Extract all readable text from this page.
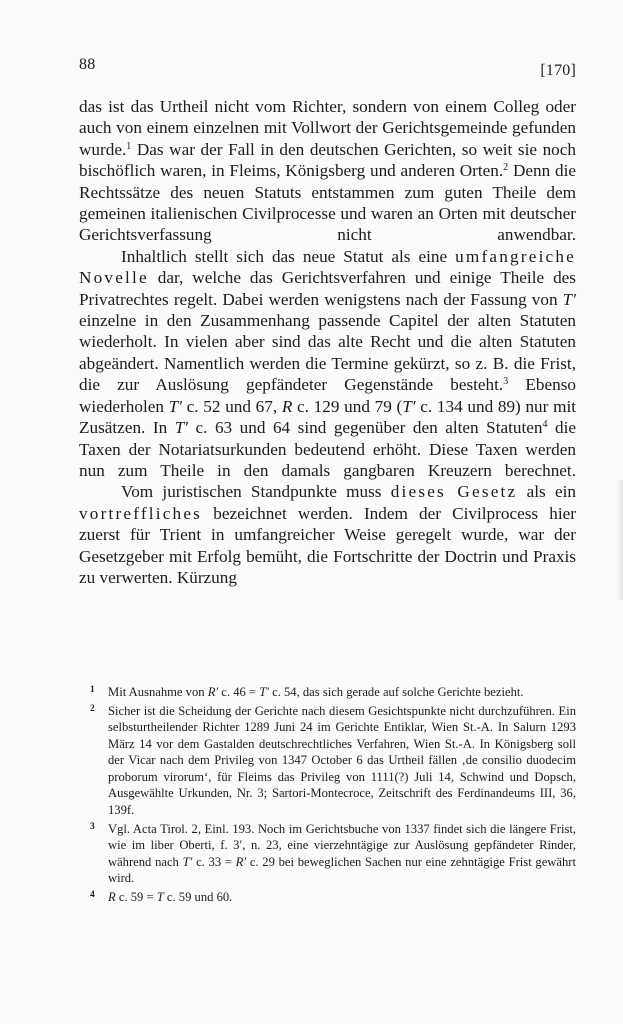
88	[170]

das ist das Urtheil nicht vom Richter, sondern von einem Colleg oder auch von einem einzelnen mit Vollwort der Gerichtsgemeinde gefunden wurde.$^1$ Das war der Fall in den deutschen Gerichten, so weit sie noch bischöflich waren, in Fleims, Königsberg und anderen Orten.$^2$ Denn die Rechtssätze des neuen Statuts entstammen zum guten Theile dem gemeinen italienischen Civilprocesse und waren an Orten mit deutscher Gerichtsverfassung nicht anwendbar.

Inhaltlich stellt sich das neue Statut als eine umfangreiche Novelle dar, welche das Gerichtsverfahren und einige Theile des Privatrechtes regelt. Dabei werden wenigstens nach der Fassung von T′ einzelne in den Zusammenhang passende Capitel der alten Statuten wiederholt. In vielen aber sind das alte Recht und die alten Statuten abgeändert. Namentlich werden die Termine gekürzt, so z. B. die Frist, die zur Auslösung gepfändeter Gegenstände besteht.$^3$ Ebenso wiederholen T′ c. 52 und 67, R c. 129 und 79 (T′ c. 134 und 89) nur mit Zusätzen. In T′ c. 63 und 64 sind gegenüber den alten Statuten$^4$ die Taxen der Notariatsurkunden bedeutend erhöht. Diese Taxen werden nun zum Theile in den damals gangbaren Kreuzern berechnet.

Vom juristischen Standpunkte muss dieses Gesetz als ein vortreffliches bezeichnet werden. Indem der Civilprocess hier zuerst für Trient in umfangreicher Weise geregelt wurde, war der Gesetzgeber mit Erfolg bemüht, die Fortschritte der Doctrin und Praxis zu verwerten. Kürzung

1 Mit Ausnahme von R′ c. 46 = T′ c. 54, das sich gerade auf solche Gerichte bezieht.
2 Sicher ist die Scheidung der Gerichte nach diesem Gesichtspunkte nicht durchzuführen. Ein selbsturtheilender Richter 1289 Juni 24 im Gerichte Entiklar, Wien St.-A. In Salurn 1293 März 14 vor dem Gastalden deutschrechtliches Verfahren, Wien St.-A. In Königsberg soll der Vicar nach dem Privileg von 1347 October 6 das Urtheil fällen ‚de consilio duodecim proborum virorum‘, für Fleims das Privileg von 1111(?) Juli 14, Schwind und Dopsch, Ausgewählte Urkunden, Nr. 3; Sartori-Montecroce, Zeitschrift des Ferdinandeums III, 36, 139f.
3 Vgl. Acta Tirol. 2, Einl. 193. Noch im Gerichtsbuche von 1337 findet sich die längere Frist, wie im liber Oberti, f. 3′, n. 23, eine vierzehntägige zur Auslösung gepfändeter Rinder, während nach T′ c. 33 = R′ c. 29 bei beweglichen Sachen nur eine zehntägige Frist gewährt wird.
4 R c. 59 = T c. 59 und 60.
